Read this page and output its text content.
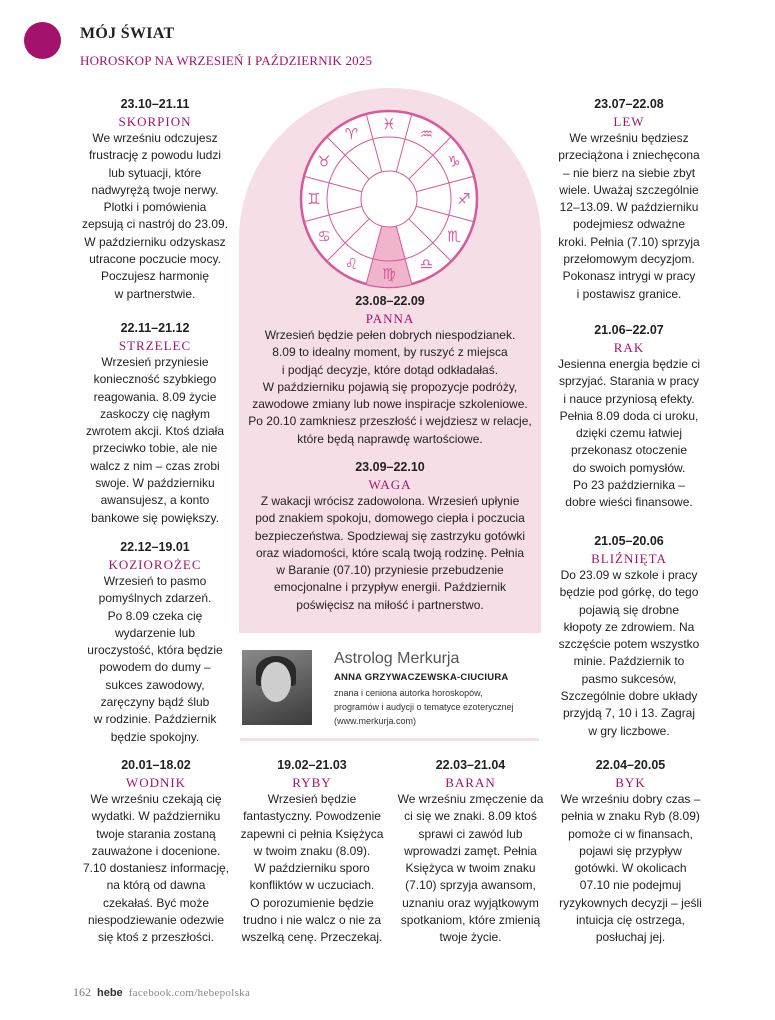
MÓJ ŚWIAT
HOROSKOP NA WRZESIEŃ I PAŹDZIERNIK 2025
♍
♌
♋
♊
♉
♈
♓
♒
♑
♐
♏
♎
23.10–21.11
SKORPION
We wrześniu odczujesz
frustrację z powodu ludzi
lub sytuacji, które
nadwyrężą twoje nerwy.
Plotki i pomówienia
zepsują ci nastrój do 23.09.
W październiku odzyskasz
utracone poczucie mocy.
Poczujesz harmonię
w partnerstwie.
22.11–21.12
STRZELEC
Wrzesień przyniesie
konieczność szybkiego
reagowania. 8.09 życie
zaskoczy cię nagłym
zwrotem akcji. Ktoś działa
przeciwko tobie, ale nie
walcz z nim – czas zrobi
swoje. W październiku
awansujesz, a konto
bankowe się powiększy.
22.12–19.01
KOZIOROŻEC
Wrzesień to pasmo
pomyślnych zdarzeń.
Po 8.09 czeka cię
wydarzenie lub
uroczystość, która będzie
powodem do dumy –
sukces zawodowy,
zaręczyny bądź ślub
w rodzinie. Październik
będzie spokojny.
23.07–22.08
LEW
We wrześniu będziesz
przeciążona i zniechęcona
– nie bierz na siebie zbyt
wiele. Uważaj szczególnie
12–13.09. W październiku
podejmiesz odważne
kroki. Pełnia (7.10) sprzyja
przełomowym decyzjom.
Pokonasz intrygi w pracy
i postawisz granice.
21.06–22.07
RAK
Jesienna energia będzie ci
sprzyjać. Starania w pracy
i nauce przyniosą efekty.
Pełnia 8.09 doda ci uroku,
dzięki czemu łatwiej
przekonasz otoczenie
do swoich pomysłów.
Po 23 października –
dobre wieści finansowe.
21.05–20.06
BLIŹNIĘTA
Do 23.09 w szkole i pracy
będzie pod górkę, do tego
pojawią się drobne
kłopoty ze zdrowiem. Na
szczęście potem wszystko
minie. Październik to
pasmo sukcesów,
Szczególnie dobre układy
przyjdą 7, 10 i 13. Zagraj
w gry liczbowe.
23.08–22.09
PANNA
Wrzesień będzie pełen dobrych niespodzianek.
8.09 to idealny moment, by ruszyć z miejsca
i podjąć decyzje, które dotąd odkładałaś.
W październiku pojawią się propozycje podróży,
zawodowe zmiany lub nowe inspiracje szkoleniowe.
Po 20.10 zamkniesz przeszłość i wejdziesz w relacje,
które będą naprawdę wartościowe.
23.09–22.10
WAGA
Z wakacji wrócisz zadowolona. Wrzesień upłynie
pod znakiem spokoju, domowego ciepła i poczucia
bezpieczeństwa. Spodziewaj się zastrzyku gotówki
oraz wiadomości, które scalą twoją rodzinę. Pełnia
w Baranie (07.10) przyniesie przebudzenie
emocjonalne i przypływ energii. Październik
poświęcisz na miłość i partnerstwo.
20.01–18.02
WODNIK
We wrześniu czekają cię
wydatki. W październiku
twoje starania zostaną
zauważone i docenione.
7.10 dostaniesz informację,
na którą od dawna
czekałaś. Być może
niespodziewanie odezwie
się ktoś z przeszłości.
19.02–21.03
RYBY
Wrzesień będzie
fantastyczny. Powodzenie
zapewni ci pełnia Księżyca
w twoim znaku (8.09).
W październiku sporo
konfliktów w uczuciach.
O porozumienie będzie
trudno i nie walcz o nie za
wszelką cenę. Przeczekaj.
22.03–21.04
BARAN
We wrześniu zmęczenie da
ci się we znaki. 8.09 ktoś
sprawi ci zawód lub
wprowadzi zamęt. Pełnia
Księżyca w twoim znaku
(7.10) sprzyja awansom,
uznaniu oraz wyjątkowym
spotkaniom, które zmienią
twoje życie.
22.04–20.05
BYK
We wrześniu dobry czas –
pełnia w znaku Ryb (8.09)
pomoże ci w finansach,
pojawi się przypływ
gotówki. W okolicach
07.10 nie podejmuj
ryzykownych decyzji – jeśli
intuicja cię ostrzega,
posłuchaj jej.
Astrolog Merkurja
ANNA GRZYWACZEWSKA-CIUCIURA
znana i ceniona autorka horoskopów,
programów i audycji o tematyce ezoterycznej
(www.merkurja.com)
162 hebe facebook.com/hebepolska
